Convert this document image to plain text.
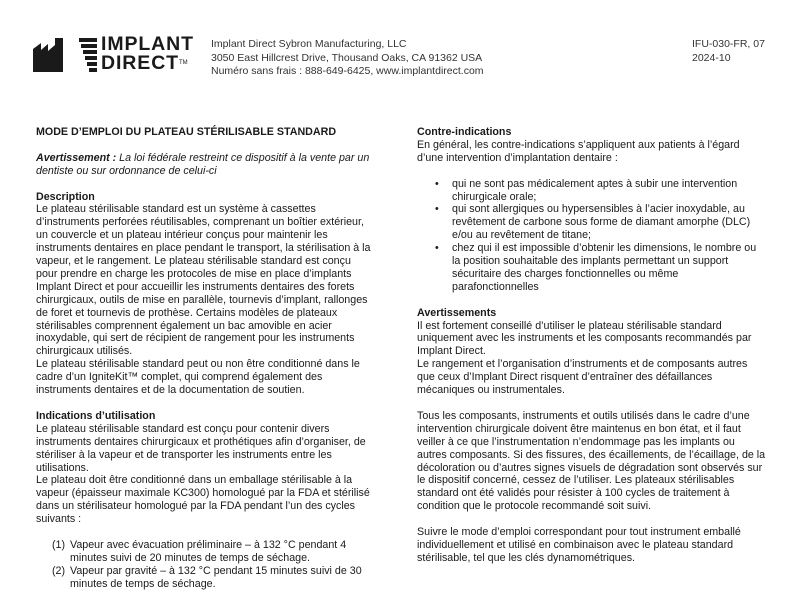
IMPLANT
DIRECT™
Implant Direct Sybron Manufacturing, LLC
3050 East Hillcrest Drive, Thousand Oaks, CA 91362 USA
Numéro sans frais : 888-649-6425, www.implantdirect.com
IFU-030-FR, 07
2024-10

MODE D’EMPLOI DU PLATEAU STÉRILISABLE STANDARD

Avertissement : La loi fédérale restreint ce dispositif à la vente par un dentiste ou sur ordonnance de celui-ci

Description

Le plateau stérilisable standard est un système à cassettes d’instruments perforées réutilisables, comprenant un boîtier extérieur, un couvercle et un plateau intérieur conçus pour maintenir les instruments dentaires en place pendant le transport, la stérilisation à la vapeur, et le rangement. Le plateau stérilisable standard est conçu pour prendre en charge les protocoles de mise en place d’implants Implant Direct et pour accueillir les instruments dentaires des forets chirurgicaux, outils de mise en parallèle, tournevis d’implant, rallonges de foret et tournevis de prothèse. Certains modèles de plateaux stérilisables comprennent également un bac amovible en acier inoxydable, qui sert de récipient de rangement pour les instruments chirurgicaux utilisés.

Le plateau stérilisable standard peut ou non être conditionné dans le cadre d’un IgniteKit™ complet, qui comprend également des instruments dentaires et de la documentation de soutien.

Indications d’utilisation

Le plateau stérilisable standard est conçu pour contenir divers instruments dentaires chirurgicaux et prothétiques afin d’organiser, de stériliser à la vapeur et de transporter les instruments entre les utilisations.

Le plateau doit être conditionné dans un emballage stérilisable à la vapeur (épaisseur maximale KC300) homologué par la FDA et stérilisé dans un stérilisateur homologué par la FDA pendant l’un des cycles suivants :

(1) Vapeur avec évacuation préliminaire – à 132 °C pendant 4 minutes suivi de 20 minutes de temps de séchage.
(2) Vapeur par gravité – à 132 °C pendant 15 minutes suivi de 30 minutes de temps de séchage.

Contre-indications

En général, les contre-indications s’appliquent aux patients à l’égard d’une intervention d’implantation dentaire :

• qui ne sont pas médicalement aptes à subir une intervention chirurgicale orale;
• qui sont allergiques ou hypersensibles à l’acier inoxydable, au revêtement de carbone sous forme de diamant amorphe (DLC) e/ou au revêtement de titane;
• chez qui il est impossible d’obtenir les dimensions, le nombre ou la position souhaitable des implants permettant un support sécuritaire des charges fonctionnelles ou même parafonctionnelles

Avertissements

Il est fortement conseillé d’utiliser le plateau stérilisable standard uniquement avec les instruments et les composants recommandés par Implant Direct.

Le rangement et l’organisation d’instruments et de composants autres que ceux d’Implant Direct risquent d’entraîner des défaillances mécaniques ou instrumentales.

Tous les composants, instruments et outils utilisés dans le cadre d’une intervention chirurgicale doivent être maintenus en bon état, et il faut veiller à ce que l’instrumentation n’endommage pas les implants ou autres composants. Si des fissures, des écaillements, de l’écaillage, de la décoloration ou d’autres signes visuels de dégradation sont observés sur le dispositif concerné, cessez de l’utiliser. Les plateaux stérilisables standard ont été validés pour résister à 100 cycles de traitement à condition que le protocole recommandé soit suivi.

Suivre le mode d’emploi correspondant pour tout instrument emballé individuellement et utilisé en combinaison avec le plateau standard stérilisable, tel que les clés dynamométriques.
